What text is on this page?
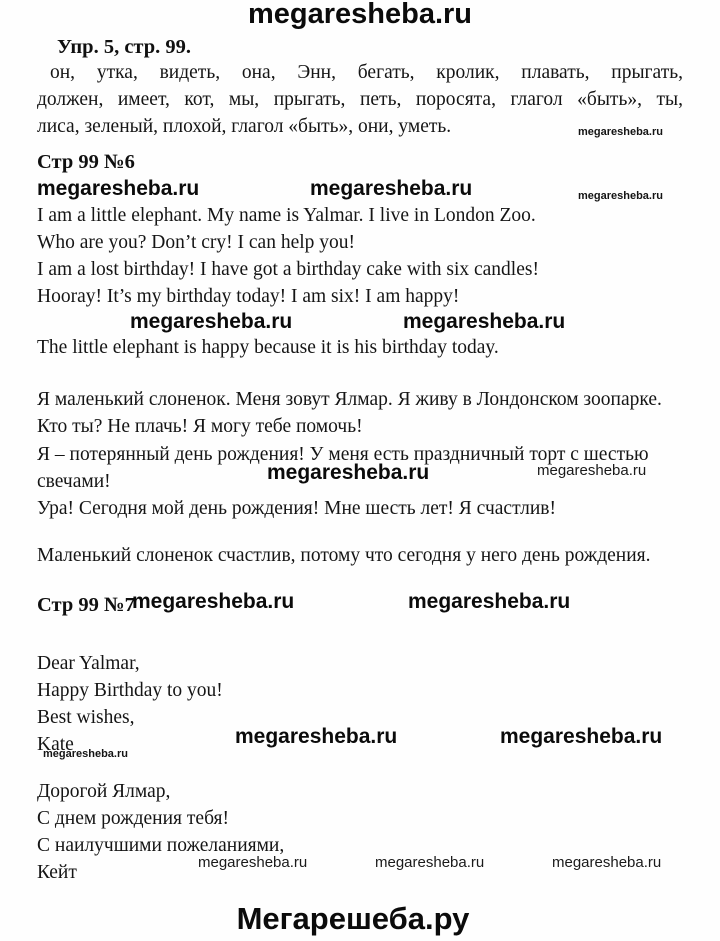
megaresheba.ru
Упр. 5, стр. 99.
он, утка, видеть, она, Энн, бегать, кролик, плавать, прыгать,
должен, имеет, кот, мы, прыгать, петь, поросята, глагол «быть», ты,
лиса, зеленый, плохой, глагол «быть», они, уметь.	megaresheba.ru
Стр 99 №6
megaresheba.ru	megaresheba.ru	megaresheba.ru
I am a little elephant. My name is Yalmar. I live in London Zoo.
Who are you? Don’t cry! I can help you!
I am a lost birthday! I have got a birthday cake with six candles!
Hooray! It’s my birthday today! I am six! I am happy!
megaresheba.ru	megaresheba.ru
The little elephant is happy because it is his birthday today.
Я маленький слоненок. Меня зовут Ялмар. Я живу в Лондонском зоопарке.
Кто ты? Не плачь! Я могу тебе помочь!
Я – потерянный день рождения! У меня есть праздничный торт с шестью
свечами!	megaresheba.ru	megaresheba.ru
Ура! Сегодня мой день рождения! Мне шесть лет! Я счастлив!
Маленький слоненок счастлив, потому что сегодня у него день рождения.
Стр 99 №7
megaresheba.ru	megaresheba.ru
Dear Yalmar,
Happy Birthday to you!
Best wishes,
Kate	megaresheba.ru	megaresheba.ru
megaresheba.ru
Дорогой Ялмар,
С днем рождения тебя!
С наилучшими пожеланиями,
Кейт	megaresheba.ru	megaresheba.ru	megaresheba.ru
Мегарешеба.ру
